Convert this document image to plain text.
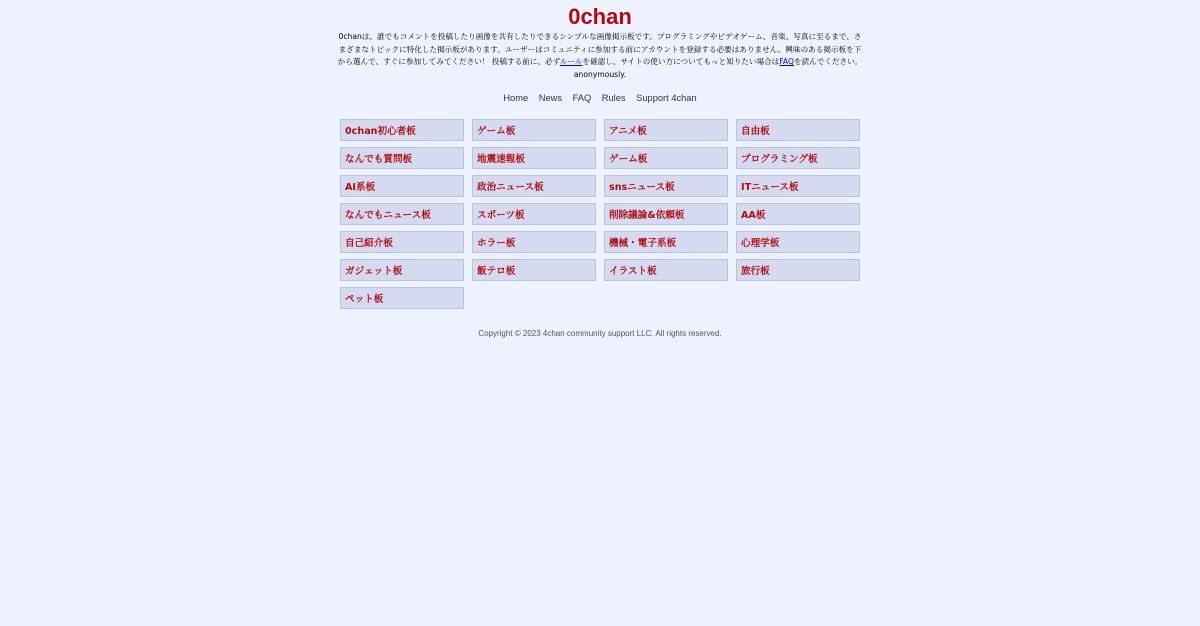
0chan

0chanは、誰でもコメントを投稿したり画像を共有したりできるシンプルな画像掲示板です。プログラミングやビデオゲーム、音楽、写真に至るまで、さまざまなトピックに特化した掲示板があります。ユーザーはコミュニティに参加する前にアカウントを登録する必要はありません。興味のある掲示板を下から選んで、すぐに参加してみてください！ 投稿する前に、必ずルールを確認し、サイトの使い方についてもっと知りたい場合はFAQを読んでください。 anonymously.

Home News FAQ Rules Support 4chan
0chan初心者板	ゲーム板	アニメ板	自由板
なんでも質問板	地震速報板	ゲーム板	プログラミング板
AI系板	政治ニュース板	snsニュース板	ITニュース板
なんでもニュース板	スポーツ板	削除議論&依頼板	AA板
自己紹介板	ホラー板	機械・電子系板	心理学板
ガジェット板	飯テロ板	イラスト板	旅行板
ペット板
Copyright © 2023 4chan community support LLC. All rights reserved.
